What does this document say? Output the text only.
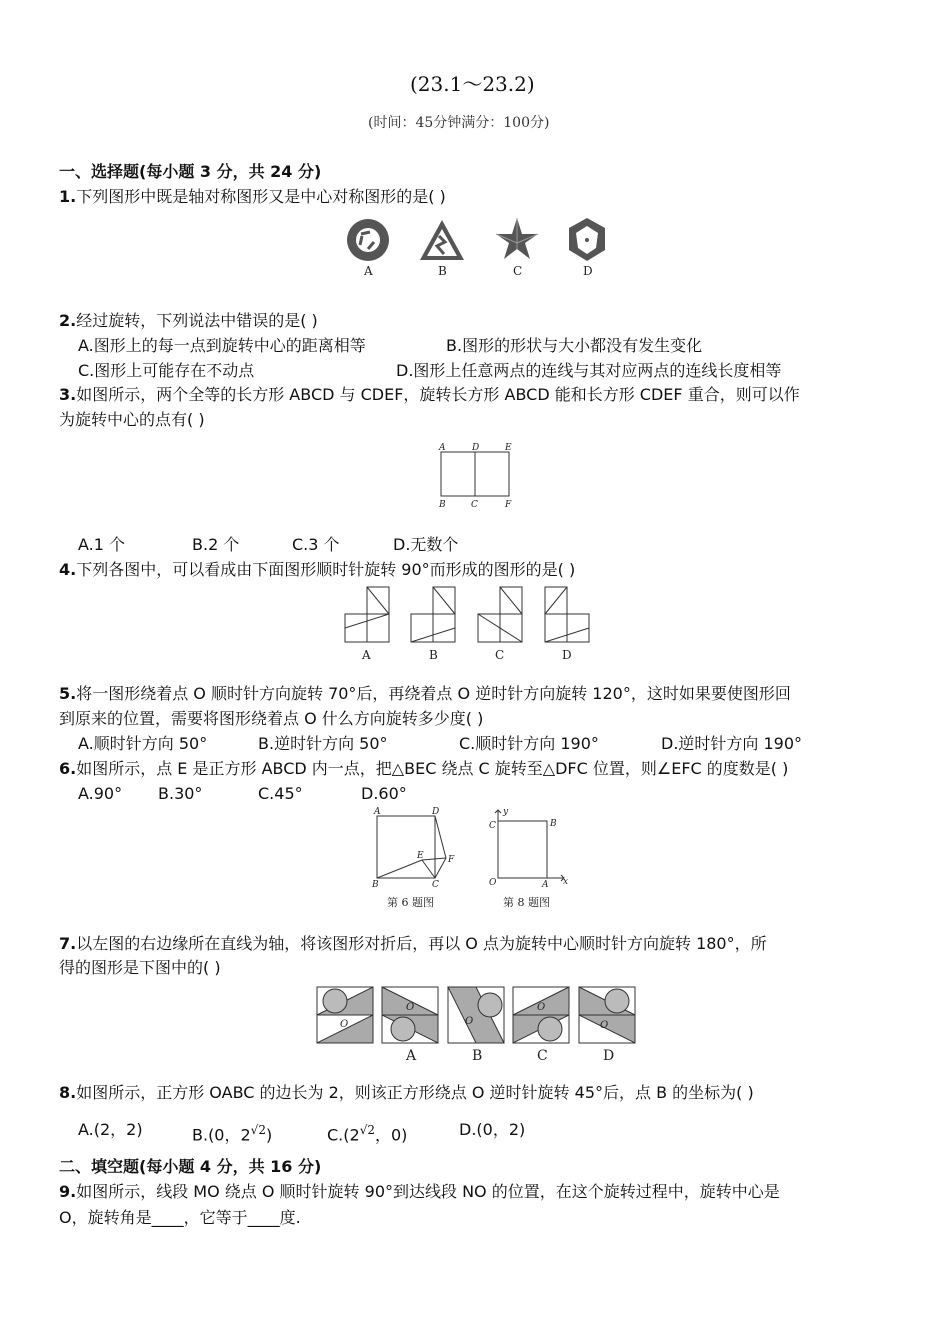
(23.1～23.2)
(时间：45分钟满分：100分)
一、选择题(每小题 3 分，共 24 分)
1.下列图形中既是轴对称图形又是中心对称图形的是( )
A	B	C	D
2.经过旋转，下列说法中错误的是( )
A.图形上的每一点到旋转中心的距离相等	B.图形的形状与大小都没有发生变化
C.图形上可能存在不动点	D.图形上任意两点的连线与其对应两点的连线长度相等
3.如图所示，两个全等的长方形 ABCD 与 CDEF，旋转长方形 ABCD 能和长方形 CDEF 重合，则可以作
为旋转中心的点有( )
A	D	E
B	C	F
A.1 个	B.2 个	C.3 个	D.无数个
4.下列各图中，可以看成由下面图形顺时针旋转 90°而形成的图形的是( )
A	B	C	D
5.将一图形绕着点 O 顺时针方向旋转 70°后，再绕着点 O 逆时针方向旋转 120°，这时如果要使图形回
到原来的位置，需要将图形绕着点 O 什么方向旋转多少度( )
A.顺时针方向 50°	B.逆时针方向 50°	C.顺时针方向 190°	D.逆时针方向 190°
6.如图所示，点 E 是正方形 ABCD 内一点，把△BEC 绕点 C 旋转至△DFC 位置，则∠EFC 的度数是( )
A.90° B.30°	C.45°	D.60°
A	D
E	F
B	C
第 6 题图
y
x
O	A
B
C
第 8 题图
7.以左图的右边缘所在直线为轴，将该图形对折后，再以 O 点为旋转中心顺时针方向旋转 180°，所
得的图形是下图中的( )
O
O
O
O
O
A	B	C	D
8.如图所示，正方形 OABC 的边长为 2，则该正方形绕点 O 逆时针旋转 45°后，点 B 的坐标为( )
A.(2，2)	B.(0，$2^{√2}$)	$C.(2^{√2}$，0)	D.(0，2)
二、填空题(每小题 4 分，共 16 分)
9.如图所示，线段 MO 绕点 O 顺时针旋转 90°到达线段 NO 的位置，在这个旋转过程中，旋转中心是
O，旋转角是____，它等于____度.
